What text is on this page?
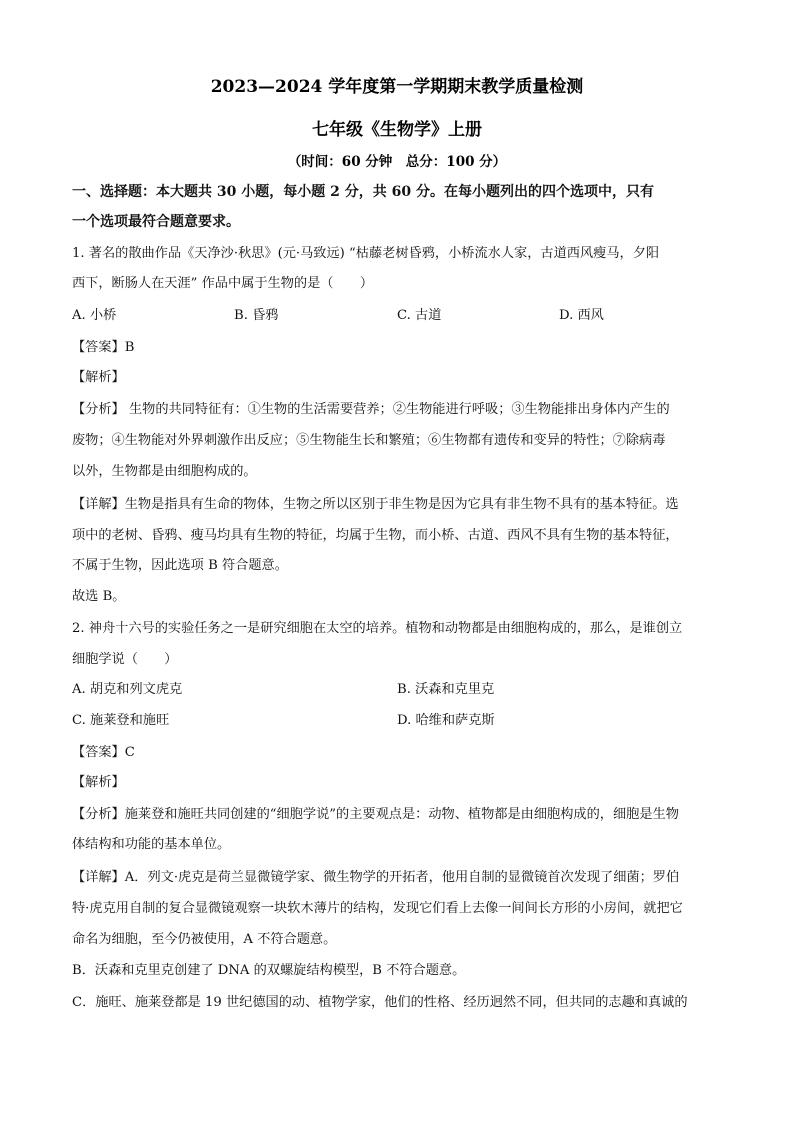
2023—2024 学年度第一学期期末教学质量检测
七年级《生物学》上册
（时间：60 分钟　总分：100 分）
一、选择题：本大题共 30 小题，每小题 2 分，共 60 分。在每小题列出的四个选项中，只有
一个选项最符合题意要求。
1. 著名的散曲作品《天净沙·秋思》(元·马致远) “枯藤老树昏鸦，小桥流水人家，古道西风瘦马，夕阳
西下，断肠人在天涯” 作品中属于生物的是（　　）
A. 小桥	B. 昏鸦	C. 古道	D. 西风
【答案】B
【解析】
【分析】 生物的共同特征有：①生物的生活需要营养；②生物能进行呼吸；③生物能排出身体内产生的
废物；④生物能对外界刺激作出反应；⑤生物能生长和繁殖；⑥生物都有遗传和变异的特性；⑦除病毒
以外，生物都是由细胞构成的。
【详解】生物是指具有生命的物体，生物之所以区别于非生物是因为它具有非生物不具有的基本特征。选
项中的老树、昏鸦、瘦马均具有生物的特征，均属于生物，而小桥、古道、西风不具有生物的基本特征，
不属于生物，因此选项 B 符合题意。
故选 B。
2. 神舟十六号的实验任务之一是研究细胞在太空的培养。植物和动物都是由细胞构成的，那么，是谁创立
细胞学说（　　）
A. 胡克和列文虎克	B. 沃森和克里克
C. 施莱登和施旺	D. 哈维和萨克斯
【答案】C
【解析】
【分析】施莱登和施旺共同创建的“细胞学说”的主要观点是：动物、植物都是由细胞构成的，细胞是生物
体结构和功能的基本单位。
【详解】A．列文·虎克是荷兰显微镜学家、微生物学的开拓者，他用自制的显微镜首次发现了细菌；罗伯
特·虎克用自制的复合显微镜观察一块软木薄片的结构，发现它们看上去像一间间长方形的小房间，就把它
命名为细胞，至今仍被使用，A 不符合题意。
B．沃森和克里克创建了 DNA 的双螺旋结构模型，B 不符合题意。
C．施旺、施莱登都是 19 世纪德国的动、植物学家，他们的性格、经历迥然不同，但共同的志趣和真诚的
